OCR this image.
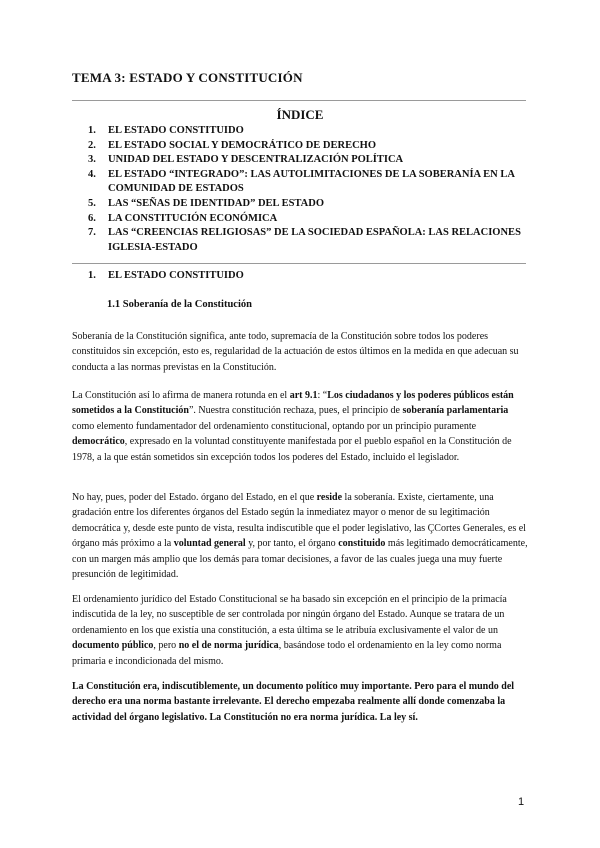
TEMA 3: ESTADO Y CONSTITUCIÓN
ÍNDICE
1.	EL ESTADO CONSTITUIDO
2.	EL ESTADO SOCIAL Y DEMOCRÁTICO DE DERECHO
3.	UNIDAD DEL ESTADO Y DESCENTRALIZACIÓN POLÍTICA
4.	EL ESTADO “INTEGRADO”: LAS AUTOLIMITACIONES DE LA SOBERANÍA EN LA COMUNIDAD DE ESTADOS
5.	LAS “SEÑAS DE IDENTIDAD” DEL ESTADO
6.	LA CONSTITUCIÓN ECONÓMICA
7.	LAS “CREENCIAS RELIGIOSAS” DE LA SOCIEDAD ESPAÑOLA: LAS RELACIONES IGLESIA-ESTADO
1.	EL ESTADO CONSTITUIDO
1.1 Soberanía de la Constitución

Soberanía de la Constitución significa, ante todo, supremacía de la Constitución sobre todos los poderes constituidos sin excepción, esto es, regularidad de la actuación de estos últimos en la medida en que adecuan su conducta a las normas previstas en la Constitución.

La Constitución así lo afirma de manera rotunda en el art 9.1: “Los ciudadanos y los poderes públicos están sometidos a la Constitución”. Nuestra constitución rechaza, pues, el principio de soberanía parlamentaria como elemento fundamentador del ordenamiento constitucional, optando por un principio puramente democrático, expresado en la voluntad constituyente manifestada por el pueblo español en la Constitución de 1978, a la que están sometidos sin excepción todos los poderes del Estado, incluido el legislador.

No hay, pues, poder del Estado. órgano del Estado, en el que reside la soberanía. Existe, ciertamente, una gradación entre los diferentes órganos del Estado según la inmediatez mayor o menor de su legitimación democrática y, desde este punto de vista, resulta indiscutible que el poder legislativo, las ÇCortes Generales, es el órgano más próximo a la voluntad general y, por tanto, el órgano constituido más legitimado democráticamente, con un margen más amplio que los demás para tomar decisiones, a favor de las cuales juega una muy fuerte presunción de legitimidad.

El ordenamiento jurídico del Estado Constitucional se ha basado sin excepción en el principio de la primacía indiscutida de la ley, no susceptible de ser controlada por ningún órgano del Estado. Aunque se tratara de un ordenamiento en los que existía una constitución, a esta última se le atribuía exclusivamente el valor de un documento público, pero no el de norma jurídica, basándose todo el ordenamiento en la ley como norma primaria e incondicionada del mismo.

La Constitución era, indiscutiblemente, un documento político muy importante. Pero para el mundo del derecho era una norma bastante irrelevante. El derecho empezaba realmente allí donde comenzaba la actividad del órgano legislativo. La Constitución no era norma jurídica. La ley sí.

1
